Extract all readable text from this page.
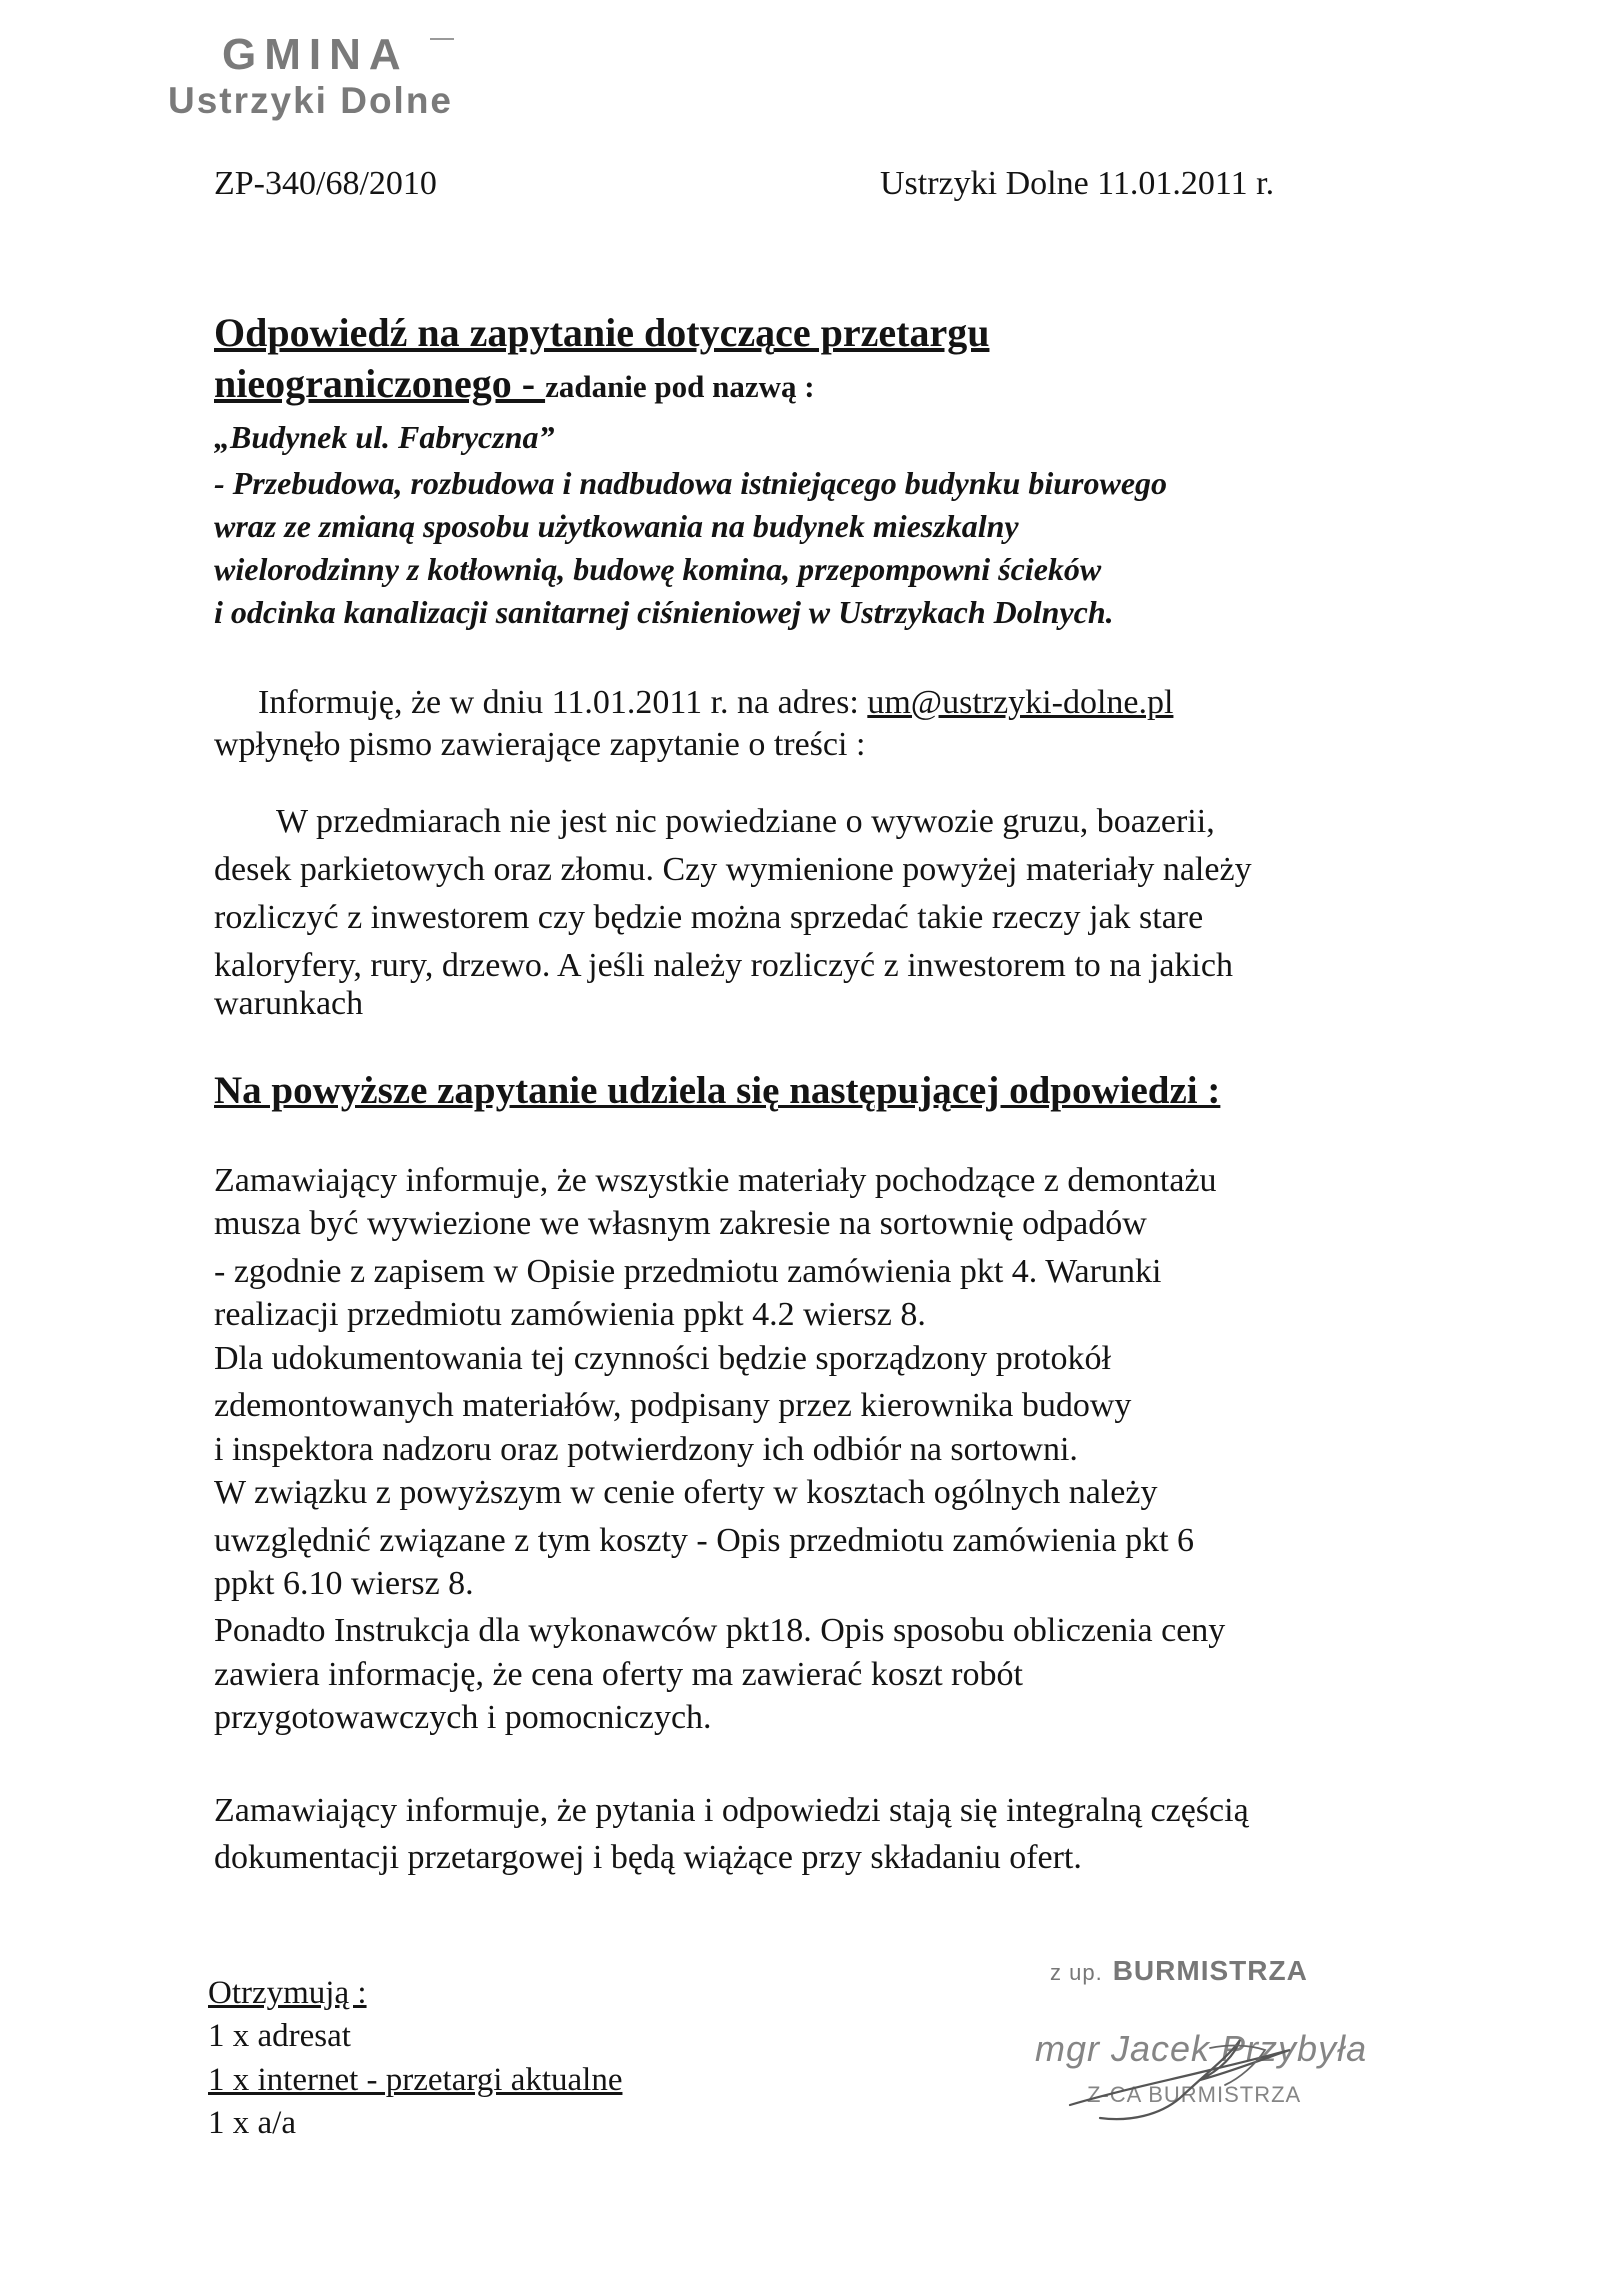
GMINA
Ustrzyki Dolne
ZP-340/68/2010	Ustrzyki Dolne 11.01.2011 r.
Odpowiedź na zapytanie dotyczące przetargu
nieograniczonego - zadanie pod nazwą :
„Budynek ul. Fabryczna”
- Przebudowa, rozbudowa i nadbudowa istniejącego budynku biurowego
wraz ze zmianą sposobu użytkowania na budynek mieszkalny
wielorodzinny z kotłownią, budowę komina, przepompowni ścieków
i odcinka kanalizacji sanitarnej ciśnieniowej w Ustrzykach Dolnych.
Informuję, że w dniu 11.01.2011 r. na adres: um@ustrzyki-dolne.pl
wpłynęło pismo zawierające zapytanie o treści :
W przedmiarach nie jest nic powiedziane o wywozie gruzu, boazerii,
desek parkietowych oraz złomu. Czy wymienione powyżej materiały należy
rozliczyć z inwestorem czy będzie można sprzedać takie rzeczy jak stare
kaloryfery, rury, drzewo. A jeśli należy rozliczyć z inwestorem to na jakich
warunkach
Na powyższe zapytanie udziela się następującej odpowiedzi :
Zamawiający informuje, że wszystkie materiały pochodzące z demontażu
musza być wywiezione we własnym zakresie na sortownię odpadów
- zgodnie z zapisem w Opisie przedmiotu zamówienia pkt 4. Warunki
realizacji przedmiotu zamówienia ppkt 4.2 wiersz 8.
Dla udokumentowania tej czynności będzie sporządzony protokół
zdemontowanych materiałów, podpisany przez kierownika budowy
i inspektora nadzoru oraz potwierdzony ich odbiór na sortowni.
W związku z powyższym w cenie oferty w kosztach ogólnych należy
uwzględnić związane z tym koszty - Opis przedmiotu zamówienia pkt 6
ppkt 6.10 wiersz 8.
Ponadto Instrukcja dla wykonawców pkt18. Opis sposobu obliczenia ceny
zawiera informację, że cena oferty ma zawierać koszt robót
przygotowawczych i pomocniczych.
Zamawiający informuje, że pytania i odpowiedzi stają się integralną częścią
dokumentacji przetargowej i będą wiążące przy składaniu ofert.
Otrzymują :
1 x adresat
1 x internet - przetargi aktualne
1 x a/a
z up. BURMISTRZA
mgr Jacek Przybyła
Z-CA BURMISTRZA
